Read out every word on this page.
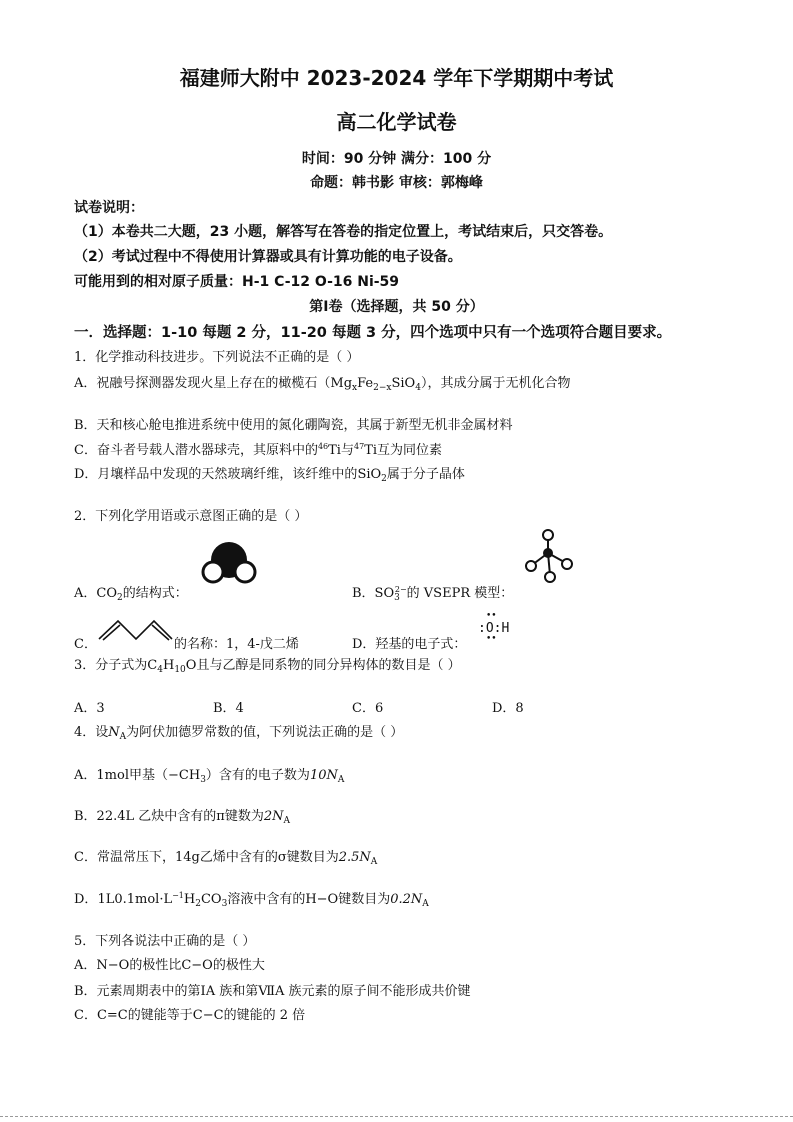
福建师大附中 2023-2024 学年下学期期中考试
高二化学试卷
时间：90 分钟 满分：100 分
命题：韩书影 审核：郭梅峰
试卷说明：
（1）本卷共二大题，23 小题，解答写在答卷的指定位置上，考试结束后，只交答卷。
（2）考试过程中不得使用计算器或具有计算功能的电子设备。
可能用到的相对原子质量：H-1 C-12 O-16 Ni-59
第Ⅰ卷（选择题，共 50 分）
一．选择题：1-10 每题 2 分，11-20 每题 3 分，四个选项中只有一个选项符合题目要求。
1．化学推动科技进步。下列说法不正确的是（ ）
A．祝融号探测器发现火星上存在的橄榄石$(Mg_xFe_{2-x}SiO_4)$，其成分属于无机化合物
B．天和核心舱电推进系统中使用的氮化硼陶瓷，其属于新型无机非金属材料
C．奋斗者号载人潜水器球壳，其原料中的$^{46}$Ti与$^{47}$Ti互为同位素
D．月壤样品中发现的天然玻璃纤维，该纤维中的SiO$_2$属于分子晶体
2．下列化学用语或示意图正确的是（ ）
A．$CO_2$的结构式：	B．$SO_3^{2-}$的 VSEPR 模型：
C．	的名称：1，4-戊二烯	D．羟基的电子式：
:O:H
••
••
3．分子式为$C_4H_{10}O$且与乙醇是同系物的同分异构体的数目是（ ）
A．3	B．4	C．6	D．8
4．设$N_A$为阿伏加德罗常数的值，下列说法正确的是（ ）
A．1mol甲基$(-CH_3)$含有的电子数为$10N_A$
B．22.4L 乙炔中含有的π键数为$2N_A$
C．常温常压下，14g乙烯中含有的σ键数目为$2.5N_A$
D．$1L0.1mol\cdot L^{-1}H_2CO_3$溶液中含有的H−O键数目为$0.2N_A$
5．下列各说法中正确的是（ ）
A．N−O的极性比C−O的极性大
B．元素周期表中的第ⅠA 族和第ⅦA 族元素的原子间不能形成共价键
C．C=C的键能等于C−C的键能的 2 倍
